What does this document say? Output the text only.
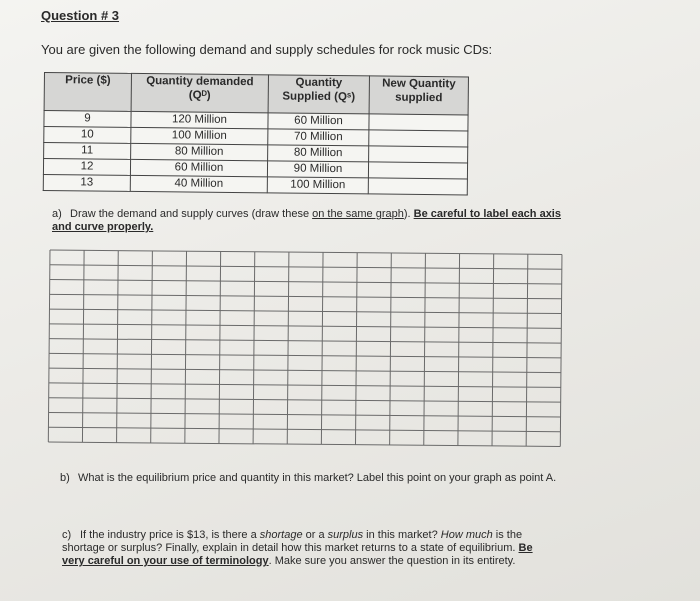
Question # 3
You are given the following demand and supply schedules for rock music CDs:
Price ($)	Quantity demanded (Qᴰ)	Quantity Supplied (Qˢ)	New Quantity supplied
9	120 Million	60 Million	
10	100 Million	70 Million	
11	80 Million	80 Million	
12	60 Million	90 Million	
13	40 Million	100 Million	
a) Draw the demand and supply curves (draw these on the same graph). Be careful to label each axis and curve properly.
b) What is the equilibrium price and quantity in this market? Label this point on your graph as point A.
c) If the industry price is $13, is there a shortage or a surplus in this market? How much is the shortage or surplus? Finally, explain in detail how this market returns to a state of equilibrium. Be very careful on your use of terminology. Make sure you answer the question in its entirety.
